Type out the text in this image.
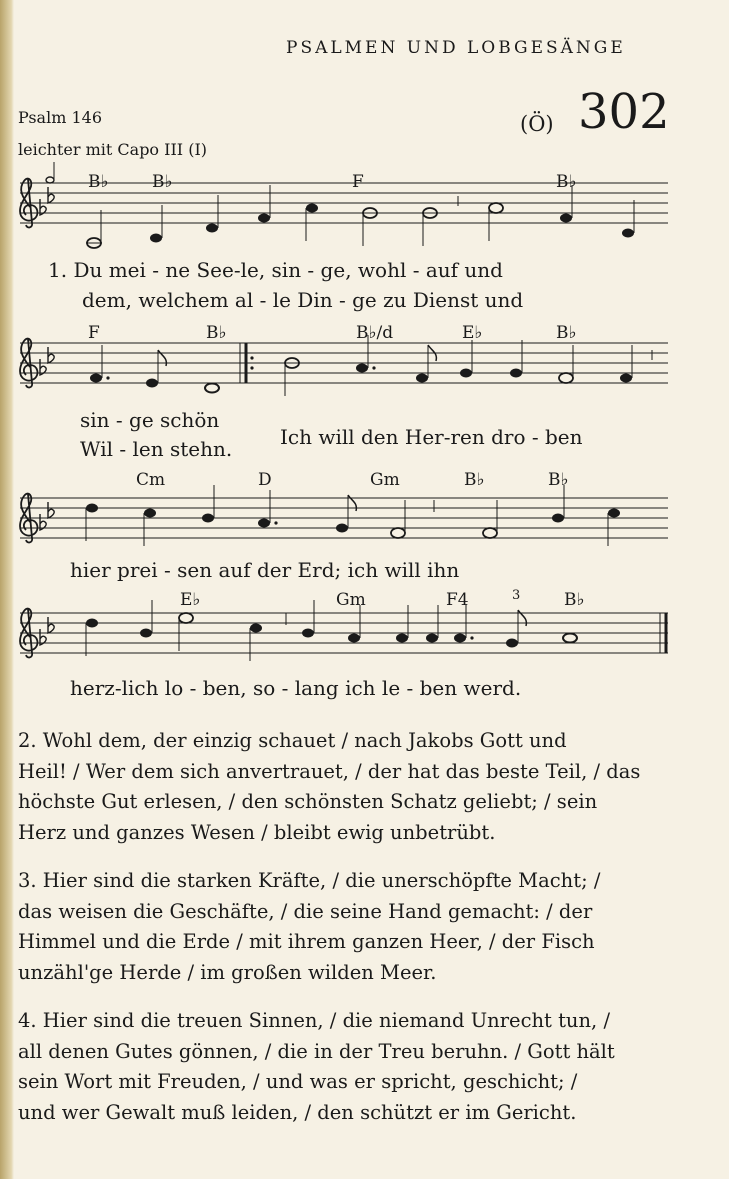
PSALMEN UND LOBGESÄNGE
Psalm 146
leichter mit Capo III (I)
(Ö) 302
B♭	B♭	F	B♭
1. Du mei - ne See-le, sin - ge, wohl - auf und
dem, welchem al - le Din - ge zu Dienst und
F	B♭	B♭/d	E♭	B♭
sin - ge schön
Wil - len stehn. Ich will den Her-ren dro - ben
Cm	D	Gm	B♭	B♭
hier prei - sen auf der Erd; ich will ihn
E♭	Gm	F4	3	B♭
herz-lich lo - ben, so - lang ich le - ben werd.

2. Wohl dem, der einzig schauet / nach Jakobs Gott und

Heil! / Wer dem sich anvertrauet, / der hat das beste Teil, / das

höchste Gut erlesen, / den schönsten Schatz geliebt; / sein

Herz und ganzes Wesen / bleibt ewig unbetrübt.

3. Hier sind die starken Kräfte, / die unerschöpfte Macht; /

das weisen die Geschäfte, / die seine Hand gemacht: / der

Himmel und die Erde / mit ihrem ganzen Heer, / der Fisch

unzähl'ge Herde / im großen wilden Meer.

4. Hier sind die treuen Sinnen, / die niemand Unrecht tun, /

all denen Gutes gönnen, / die in der Treu beruhn. / Gott hält

sein Wort mit Freuden, / und was er spricht, geschicht; /

und wer Gewalt muß leiden, / den schützt er im Gericht.
